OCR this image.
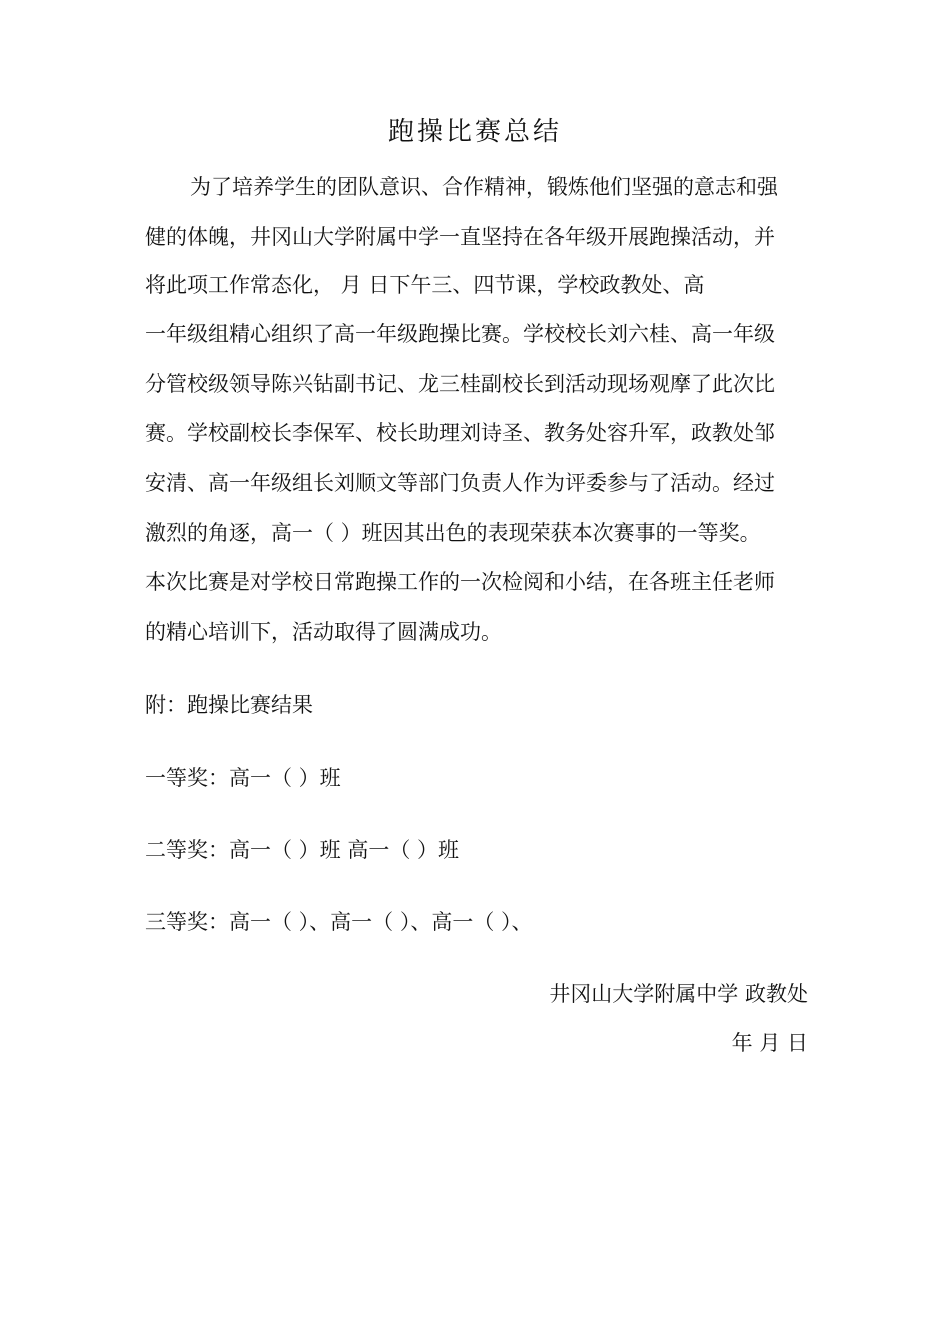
跑操比赛总结
为了培养学生的团队意识、合作精神，锻炼他们坚强的意志和强
健的体魄，井冈山大学附属中学一直坚持在各年级开展跑操活动，并
将此项工作常态化， 月 日下午三、四节课，学校政教处、高
一年级组精心组织了高一年级跑操比赛。学校校长刘六桂、高一年级
分管校级领导陈兴钻副书记、龙三桂副校长到活动现场观摩了此次比
赛。学校副校长李保军、校长助理刘诗圣、教务处容升军，政教处邹
安清、高一年级组长刘顺文等部门负责人作为评委参与了活动。经过
激烈的角逐，高一（ ）班因其出色的表现荣获本次赛事的一等奖。
本次比赛是对学校日常跑操工作的一次检阅和小结，在各班主任老师
的精心培训下，活动取得了圆满成功。
附：跑操比赛结果
一等奖：高一（ ）班
二等奖：高一（ ）班 高一（ ）班
三等奖：高一（ ）、高一（ ）、高一（ ）、
井冈山大学附属中学 政教处
年 月 日
